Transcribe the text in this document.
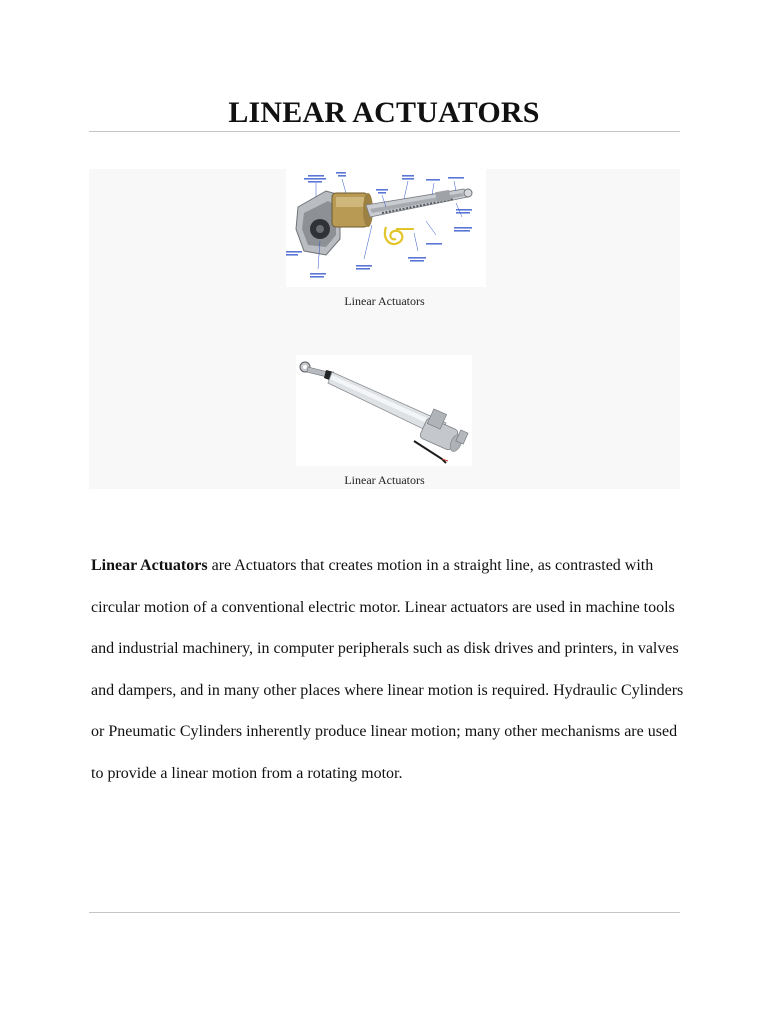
LINEAR ACTUATORS
Linear Actuators
Linear Actuators

Linear Actuators are Actuators that creates motion in a straight line, as contrasted with circular motion of a conventional electric motor. Linear actuators are used in machine tools and industrial machinery, in computer peripherals such as disk drives and printers, in valves and dampers, and in many other places where linear motion is required. Hydraulic Cylinders or Pneumatic Cylinders inherently produce linear motion; many other mechanisms are used to provide a linear motion from a rotating motor.
